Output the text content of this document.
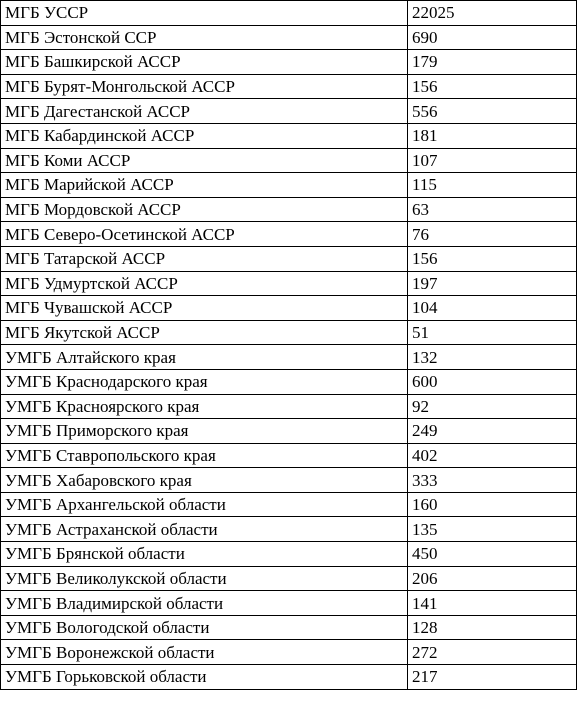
МГБ УССР	22025
МГБ Эстонской ССР	690
МГБ Башкирской АССР	179
МГБ Бурят-Монгольской АССР	156
МГБ Дагестанской АССР	556
МГБ Кабардинской АССР	181
МГБ Коми АССР	107
МГБ Марийской АССР	115
МГБ Мордовской АССР	63
МГБ Северо-Осетинской АССР	76
МГБ Татарской АССР	156
МГБ Удмуртской АССР	197
МГБ Чувашской АССР	104
МГБ Якутской АССР	51
УМГБ Алтайского края	132
УМГБ Краснодарского края	600
УМГБ Красноярского края	92
УМГБ Приморского края	249
УМГБ Ставропольского края	402
УМГБ Хабаровского края	333
УМГБ Архангельской области	160
УМГБ Астраханской области	135
УМГБ Брянской области	450
УМГБ Великолукской области	206
УМГБ Владимирской области	141
УМГБ Вологодской области	128
УМГБ Воронежской области	272
УМГБ Горьковской области	217
